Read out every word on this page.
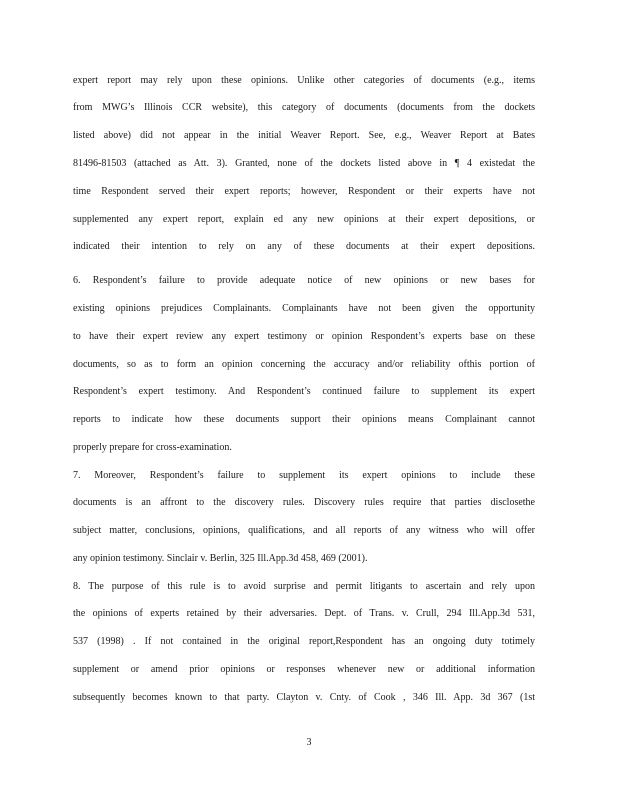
expert report may rely upon these opinions. Unlike other categories of documents (e.g., items
from MWG’s Illinois CCR website), this category of documents (documents from the dockets
listed above) did not appear in the initial Weaver Report. See, e.g., Weaver Report at Bates
81496-81503 (attached as Att. 3). Granted, none of the dockets listed above in ¶ 4 existedat the
time Respondent served their expert reports; however, Respondent or their experts have not
supplemented any expert report, explain ed any new opinions at their expert depositions, or
indicated their intention to rely on any of these documents at their expert depositions.
6. Respondent’s failure to provide adequate notice of new opinions or new bases for
existing opinions prejudices Complainants. Complainants have not been given the opportunity
to have their expert review any expert testimony or opinion Respondent’s experts base on these
documents, so as to form an opinion concerning the accuracy and/or reliability ofthis portion of
Respondent’s expert testimony. And Respondent’s continued failure to supplement its expert
reports to indicate how these documents support their opinions means Complainant cannot
properly prepare for cross-examination.
7. Moreover, Respondent’s failure to supplement its expert opinions to include these
documents is an affront to the discovery rules. Discovery rules require that parties disclosethe
subject matter, conclusions, opinions, qualifications, and all reports of any witness who will offer
any opinion testimony. Sinclair v. Berlin, 325 Ill.App.3d 458, 469 (2001).
8. The purpose of this rule is to avoid surprise and permit litigants to ascertain and rely upon
the opinions of experts retained by their adversaries. Dept. of Trans. v. Crull, 294 Ill.App.3d 531,
537 (1998) . If not contained in the original report,Respondent has an ongoing duty totimely
supplement or amend prior opinions or responses whenever new or additional information
subsequently becomes known to that party. Clayton v. Cnty. of Cook , 346 Ill. App. 3d 367 (1st
3
